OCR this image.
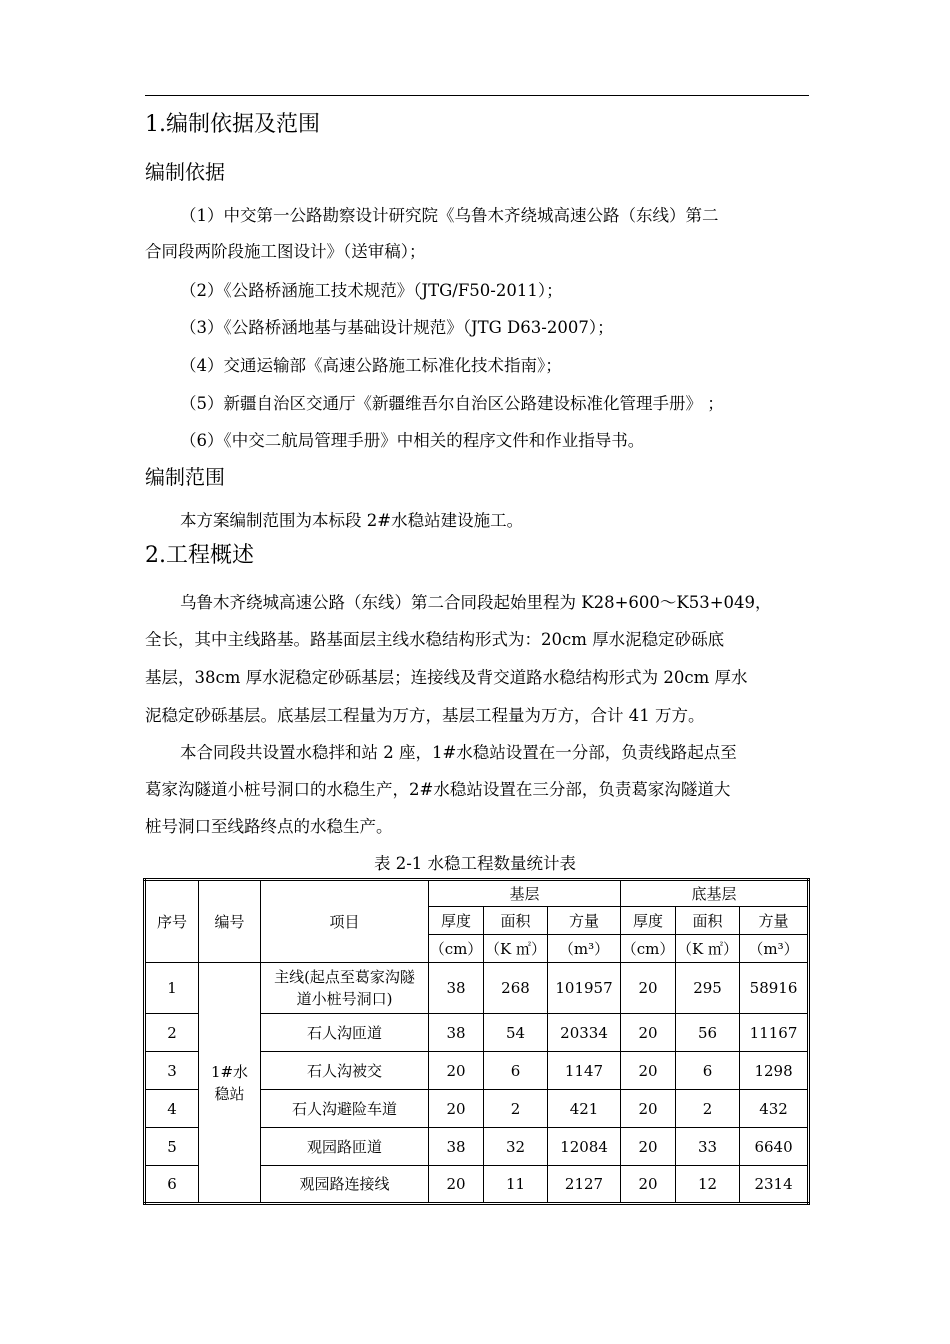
1.编制依据及范围
编制依据
（1）中交第一公路勘察设计研究院《乌鲁木齐绕城高速公路（东线）第二
合同段两阶段施工图设计》（送审稿）；
（2）《公路桥涵施工技术规范》（JTG/F50-2011）；
（3）《公路桥涵地基与基础设计规范》（JTG D63-2007）；
（4）交通运输部《高速公路施工标准化技术指南》；
（5）新疆自治区交通厅《新疆维吾尔自治区公路建设标准化管理手册》 ；
（6）《中交二航局管理手册》中相关的程序文件和作业指导书。
编制范围
本方案编制范围为本标段 2#水稳站建设施工。
2.工程概述
乌鲁木齐绕城高速公路（东线）第二合同段起始里程为 K28+600～K53+049，
全长，其中主线路基。路基面层主线水稳结构形式为：20cm 厚水泥稳定砂砾底
基层，38cm 厚水泥稳定砂砾基层；连接线及背交道路水稳结构形式为 20cm 厚水
泥稳定砂砾基层。底基层工程量为万方，基层工程量为万方，合计 41 万方。
本合同段共设置水稳拌和站 2 座，1#水稳站设置在一分部，负责线路起点至
葛家沟隧道小桩号洞口的水稳生产，2#水稳站设置在三分部，负责葛家沟隧道大
桩号洞口至线路终点的水稳生产。
表 2-1 水稳工程数量统计表
序号	编号	项目	基层			底基层		
			厚度	面积	方量	厚度	面积	方量
			（cm）	（K ㎡）	（m³）	（cm）	（K ㎡）	（m³）
1	1#水稳站	主线(起点至葛家沟隧道小桩号洞口)	38	268	101957	20	295	58916
2		石人沟匝道	38	54	20334	20	56	11167
3		石人沟被交	20	6	1147	20	6	1298
4		石人沟避险车道	20	2	421	20	2	432
5		观园路匝道	38	32	12084	20	33	6640
6		观园路连接线	20	11	2127	20	12	2314
